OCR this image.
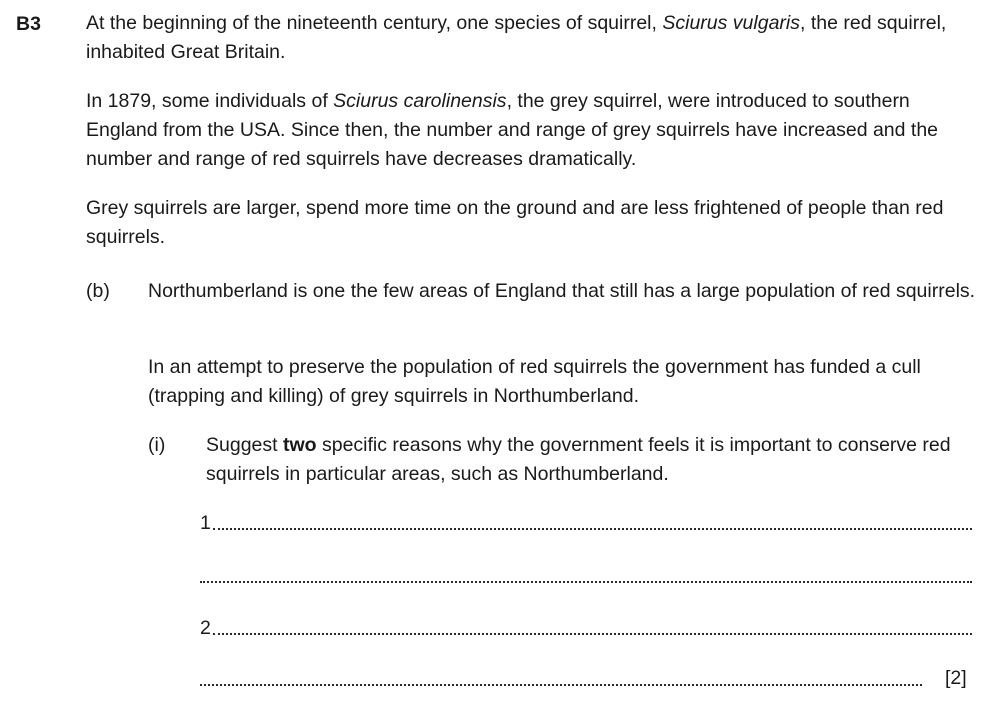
B3 At the beginning of the nineteenth century, one species of squirrel, Sciurus vulgaris, the red squirrel, inhabited Great Britain.

In 1879, some individuals of Sciurus carolinensis, the grey squirrel, were introduced to southern England from the USA. Since then, the number and range of grey squirrels have increased and the number and range of red squirrels have decreases dramatically.

Grey squirrels are larger, spend more time on the ground and are less frightened of people than red squirrels.

(b) Northumberland is one the few areas of England that still has a large population of red squirrels.

In an attempt to preserve the population of red squirrels the government has funded a cull (trapping and killing) of grey squirrels in Northumberland.

(i) Suggest two specific reasons why the government feels it is important to conserve red squirrels in particular areas, such as Northumberland.

1
2
[2]
